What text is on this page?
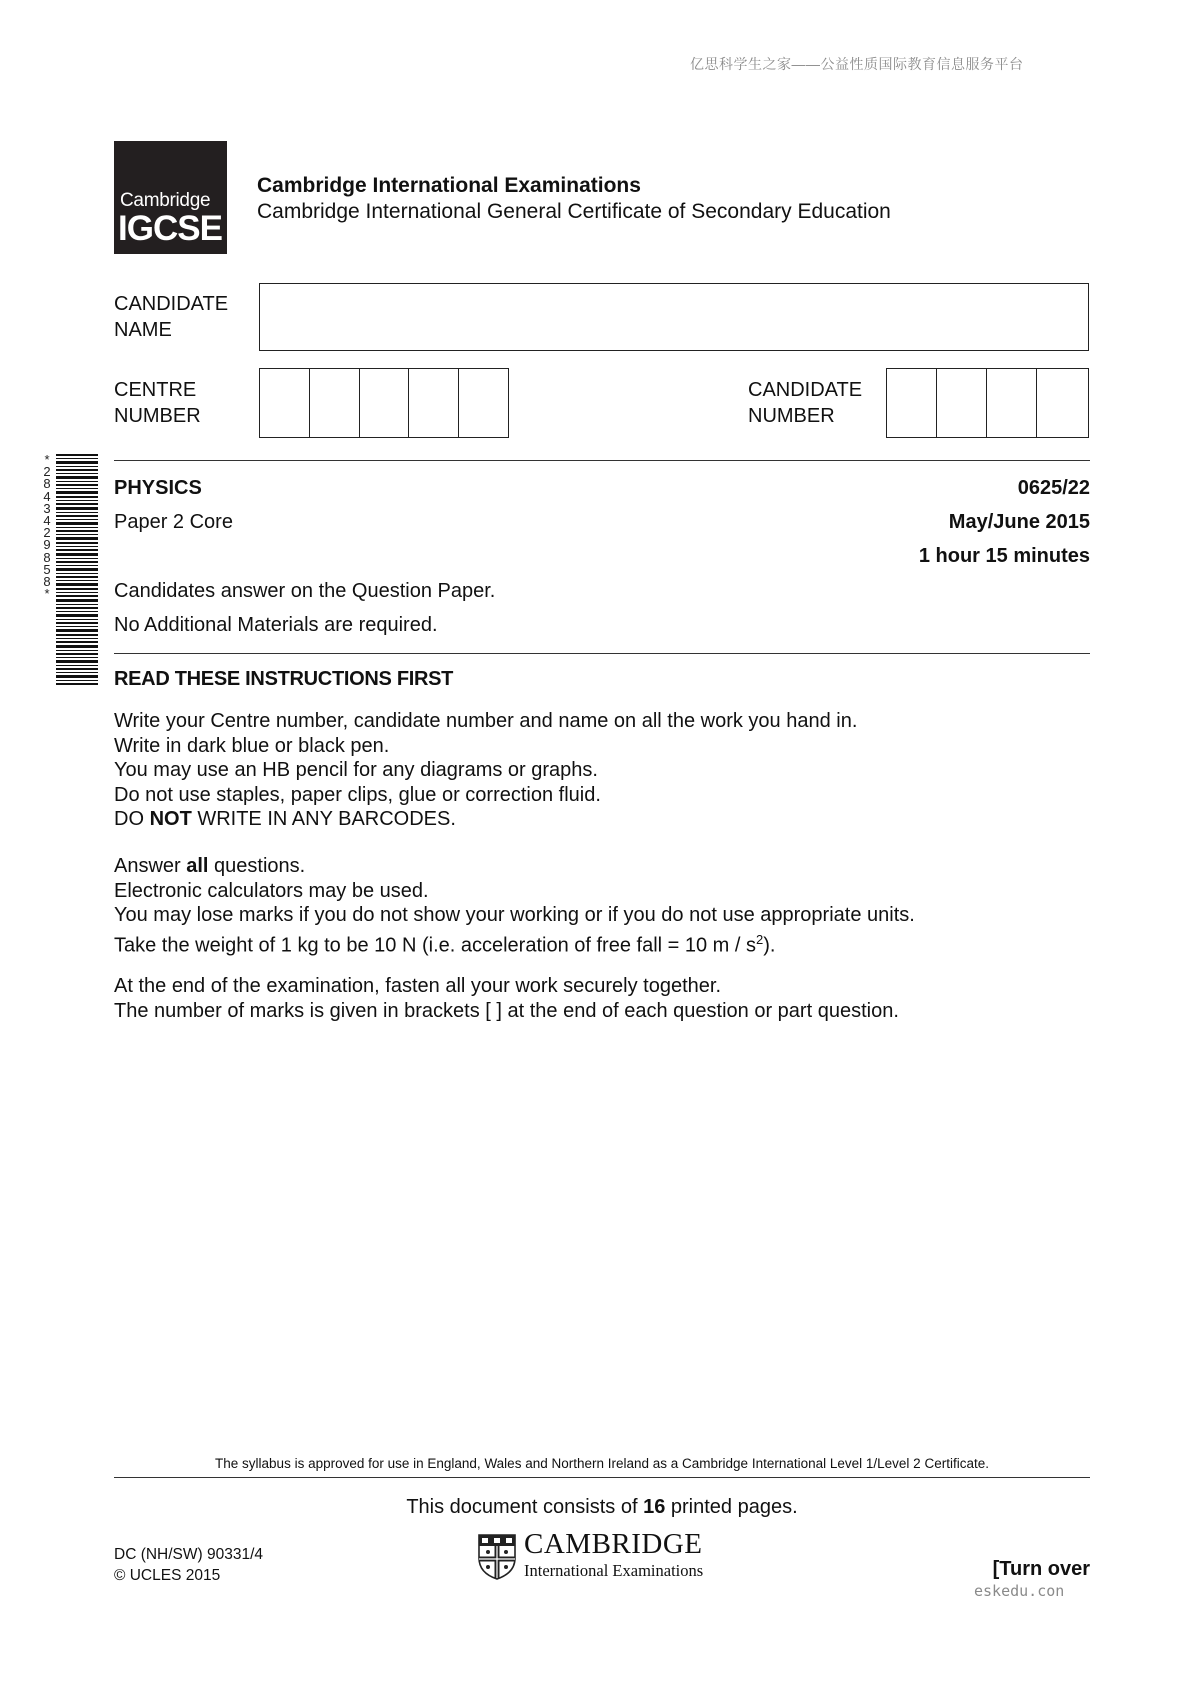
亿思科学生之家——公益性质国际教育信息服务平台
Cambridge
IGCSE
Cambridge International Examinations
Cambridge International General Certificate of Secondary Education
CANDIDATE
NAME
CENTRE
NUMBER
CANDIDATE
NUMBER
*
2
8
4
3
4
2
9
8
5
8
*
PHYSICS	0625/22
Paper 2 Core	May/June 2015
1 hour 15 minutes
Candidates answer on the Question Paper.
No Additional Materials are required.
READ THESE INSTRUCTIONS FIRST
Write your Centre number, candidate number and name on all the work you hand in.
Write in dark blue or black pen.
You may use an HB pencil for any diagrams or graphs.
Do not use staples, paper clips, glue or correction fluid.
DO NOT WRITE IN ANY BARCODES.
Answer all questions.
Electronic calculators may be used.
You may lose marks if you do not show your working or if you do not use appropriate units.
Take the weight of 1 kg to be 10 N (i.e. acceleration of free fall = 10 m / $s^2$).
At the end of the examination, fasten all your work securely together.
The number of marks is given in brackets [ ] at the end of each question or part question.
The syllabus is approved for use in England, Wales and Northern Ireland as a Cambridge International Level 1/Level 2 Certificate.
This document consists of 16 printed pages.
DC (NH/SW) 90331/4
© UCLES 2015
CAMBRIDGE
International Examinations	[Turn over
eskedu.con
